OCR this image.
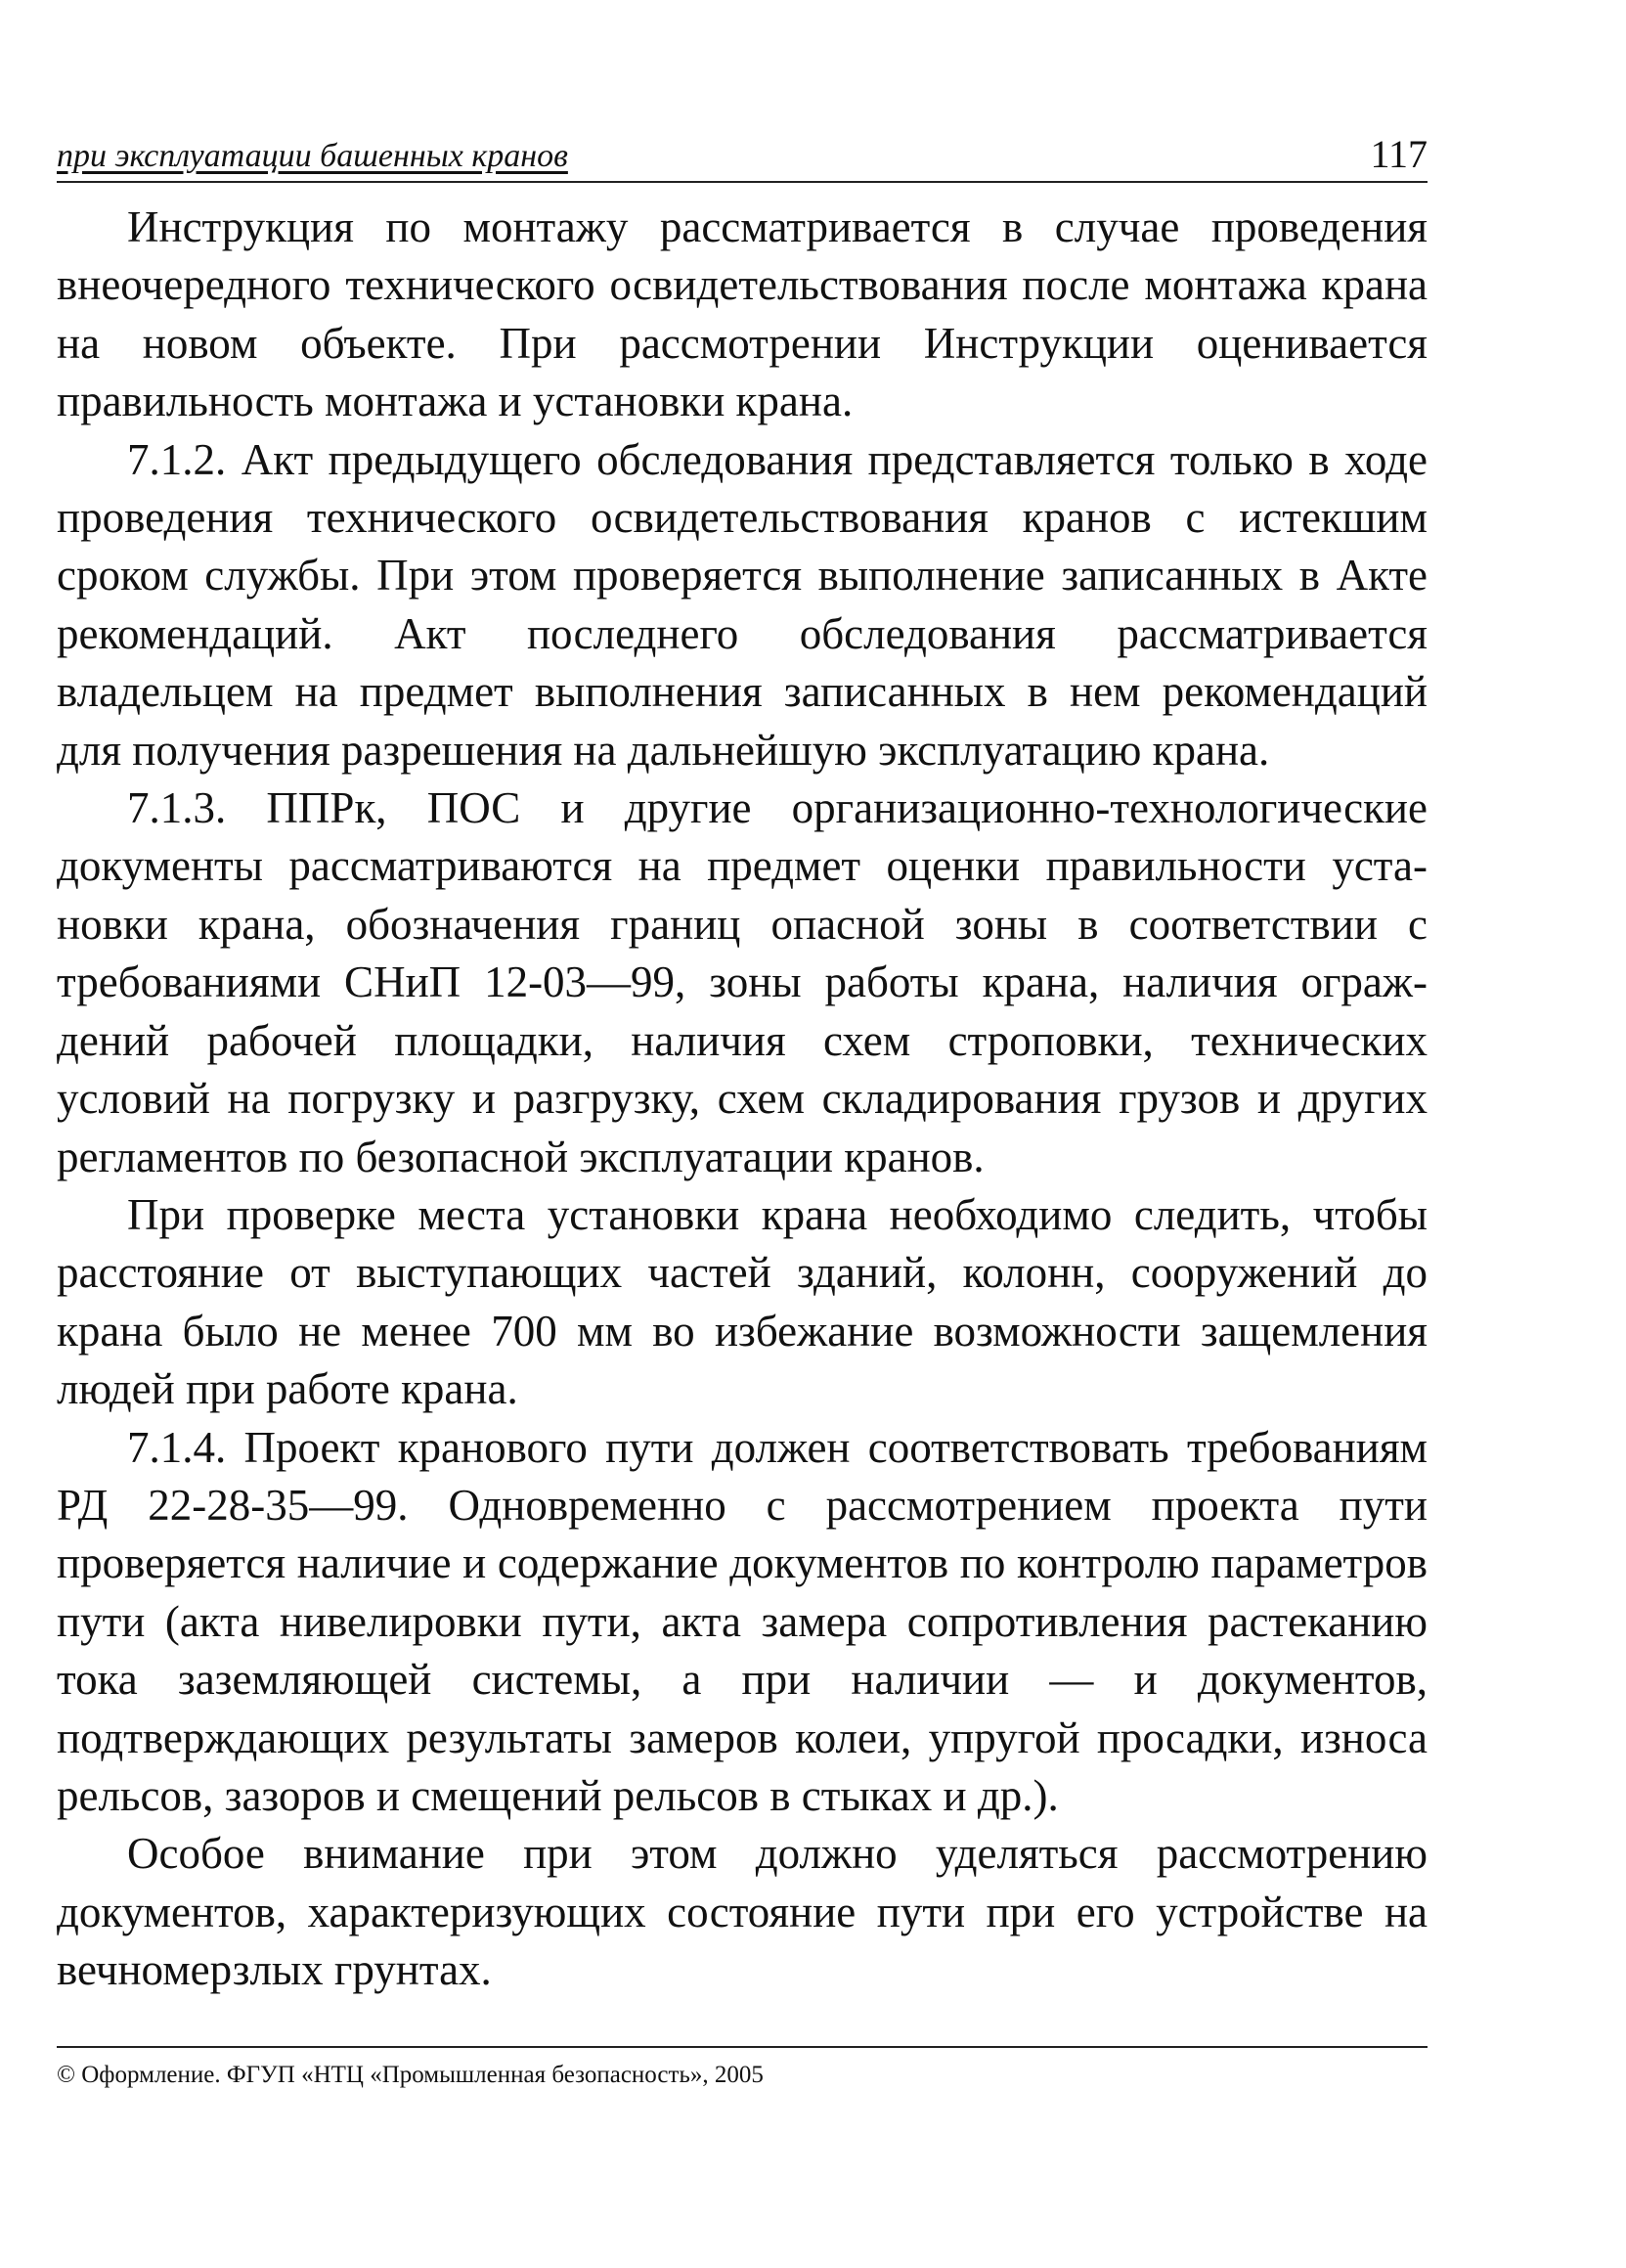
при эксплуатации башенных кранов	117

Инструкция по монтажу рассматривается в случае проведения внеочередного технического освидетельствования после монтажа крана на новом объекте. При рассмотрении Инструкции оценивается правильность монтажа и установки крана.

7.1.2. Акт предыдущего обследования представляется только в ходе проведения технического освидетельствования кранов с истекшим сроком службы. При этом проверяется выполнение записанных в Акте рекомендаций. Акт последнего обследования рассматривается владельцем на предмет выполнения записанных в нем рекомендаций для получения разрешения на дальнейшую эксплуатацию крана.

7.1.3. ППРк, ПОС и другие организационно-технологические документы рассматриваются на предмет оценки правильности установки крана, обозначения границ опасной зоны в соответствии с требованиями СНиП 12-03—99, зоны работы крана, наличия ограждений рабочей площадки, наличия схем строповки, технических условий на погрузку и разгрузку, схем складирования грузов и других регламентов по безопасной эксплуатации кранов.

При проверке места установки крана необходимо следить, чтобы расстояние от выступающих частей зданий, колонн, сооружений до крана было не менее 700 мм во избежание возможности защемления людей при работе крана.

7.1.4. Проект кранового пути должен соответствовать требованиям РД 22-28-35—99. Одновременно с рассмотрением проекта пути проверяется наличие и содержание документов по контролю параметров пути (акта нивелировки пути, акта замера сопротивления растеканию тока заземляющей системы, а при наличии — и документов, подтверждающих результаты замеров колеи, упругой просадки, износа рельсов, зазоров и смещений рельсов в стыках и др.).

Особое внимание при этом должно уделяться рассмотрению документов, характеризующих состояние пути при его устройстве на вечномерзлых грунтах.

© Оформление. ФГУП «НТЦ «Промышленная безопасность», 2005
